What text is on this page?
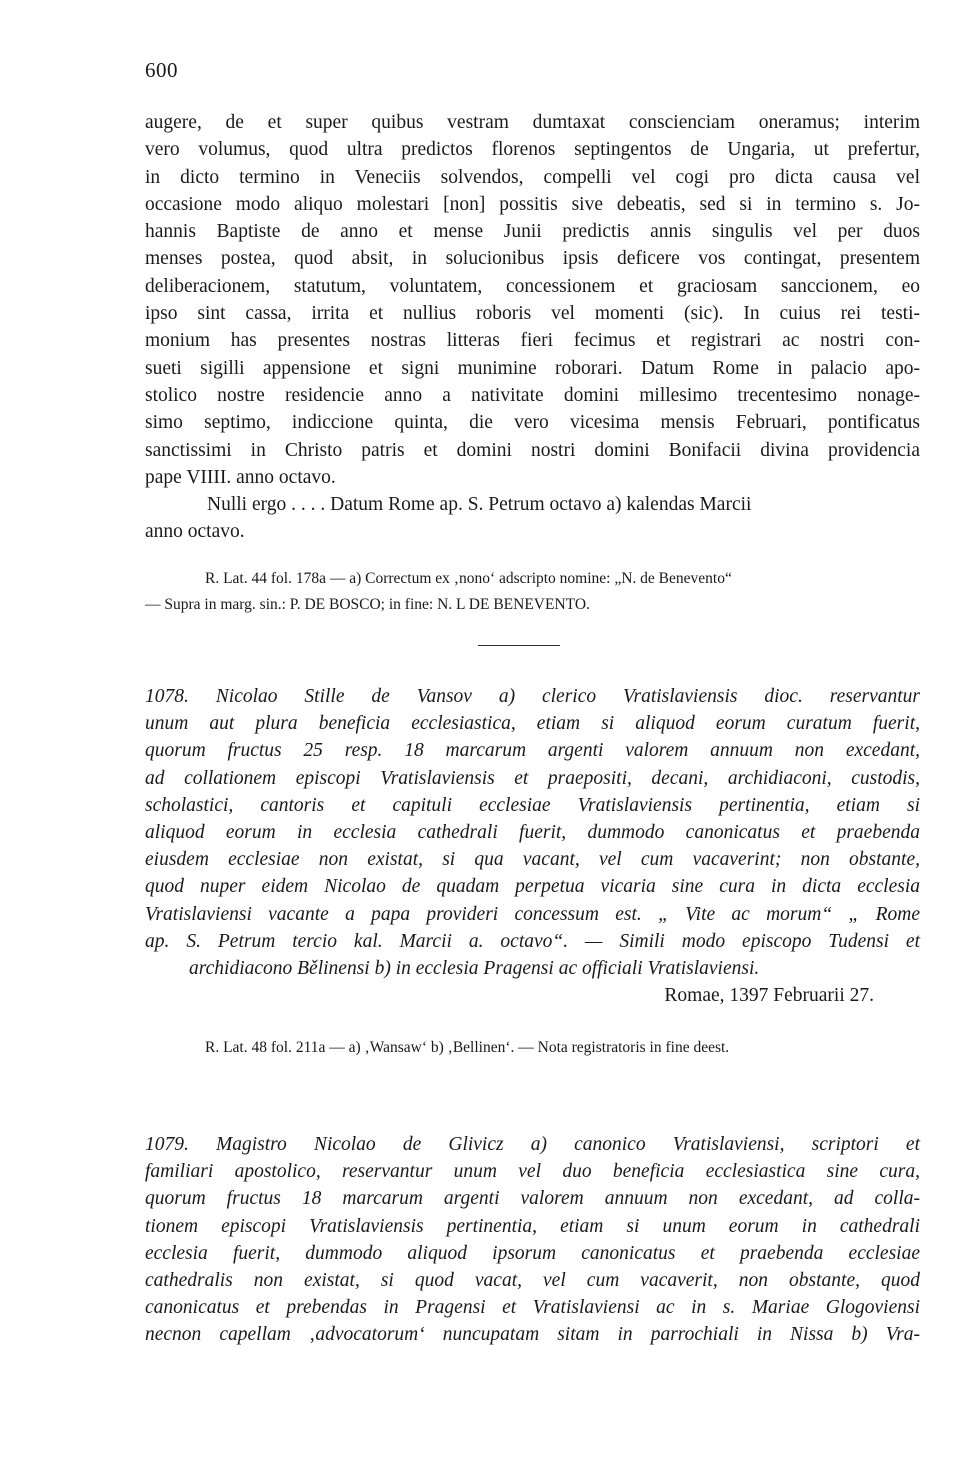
600
augere, de et super quibus vestram dumtaxat conscienciam oneramus; interim
vero volumus, quod ultra predictos florenos septingentos de Ungaria, ut prefertur,
in dicto termino in Veneciis solvendos, compelli vel cogi pro dicta causa vel
occasione modo aliquo molestari [non] possitis sive debeatis, sed si in termino s. Jo-
hannis Baptiste de anno et mense Junii predictis annis singulis vel per duos
menses postea, quod absit, in solucionibus ipsis deficere vos contingat, presentem
deliberacionem, statutum, voluntatem, concessionem et graciosam sanccionem, eo
ipso sint cassa, irrita et nullius roboris vel momenti (sic). In cuius rei testi-
monium has presentes nostras litteras fieri fecimus et registrari ac nostri con-
sueti sigilli appensione et signi munimine roborari. Datum Rome in palacio apo-
stolico nostre residencie anno a nativitate domini millesimo trecentesimo nonage-
simo septimo, indiccione quinta, die vero vicesima mensis Februari, pontificatus
sanctissimi in Christo patris et domini nostri domini Bonifacii divina providencia
pape VIIII. anno octavo.
Nulli ergo . . . . Datum Rome ap. S. Petrum octavo a) kalendas Marcii
anno octavo.
R. Lat. 44 fol. 178a — a) Correctum ex ‚nono‘ adscripto nomine: „N. de Benevento“
— Supra in marg. sin.: P. DE BOSCO; in fine: N. L DE BENEVENTO.
1078. Nicolao Stille de Vansov a) clerico Vratislaviensis dioc. reservantur
unum aut plura beneficia ecclesiastica, etiam si aliquod eorum curatum fuerit,
quorum fructus 25 resp. 18 marcarum argenti valorem annuum non excedant,
ad collationem episcopi Vratislaviensis et praepositi, decani, archidiaconi, custodis,
scholastici, cantoris et capituli ecclesiae Vratislaviensis pertinentia, etiam si
aliquod eorum in ecclesia cathedrali fuerit, dummodo canonicatus et praebenda
eiusdem ecclesiae non existat, si qua vacant, vel cum vacaverint; non obstante,
quod nuper eidem Nicolao de quadam perpetua vicaria sine cura in dicta ecclesia
Vratislaviensi vacante a papa provideri concessum est. „ Vite ac morum“ „ Rome
ap. S. Petrum tercio kal. Marcii a. octavo“. — Simili modo episcopo Tudensi et
archidiacono Bělinensi b) in ecclesia Pragensi ac officiali Vratislaviensi.
Romae, 1397 Februarii 27.
R. Lat. 48 fol. 211a — a) ‚Wansaw‘ b) ‚Bellinen‘. — Nota registratoris in fine deest.
1079. Magistro Nicolao de Glivicz a) canonico Vratislaviensi, scriptori et
familiari apostolico, reservantur unum vel duo beneficia ecclesiastica sine cura,
quorum fructus 18 marcarum argenti valorem annuum non excedant, ad colla-
tionem episcopi Vratislaviensis pertinentia, etiam si unum eorum in cathedrali
ecclesia fuerit, dummodo aliquod ipsorum canonicatus et praebenda ecclesiae
cathedralis non existat, si quod vacat, vel cum vacaverit, non obstante, quod
canonicatus et prebendas in Pragensi et Vratislaviensi ac in s. Mariae Glogoviensi
necnon capellam ‚advocatorum‘ nuncupatam sitam in parrochiali in Nissa b) Vra-
